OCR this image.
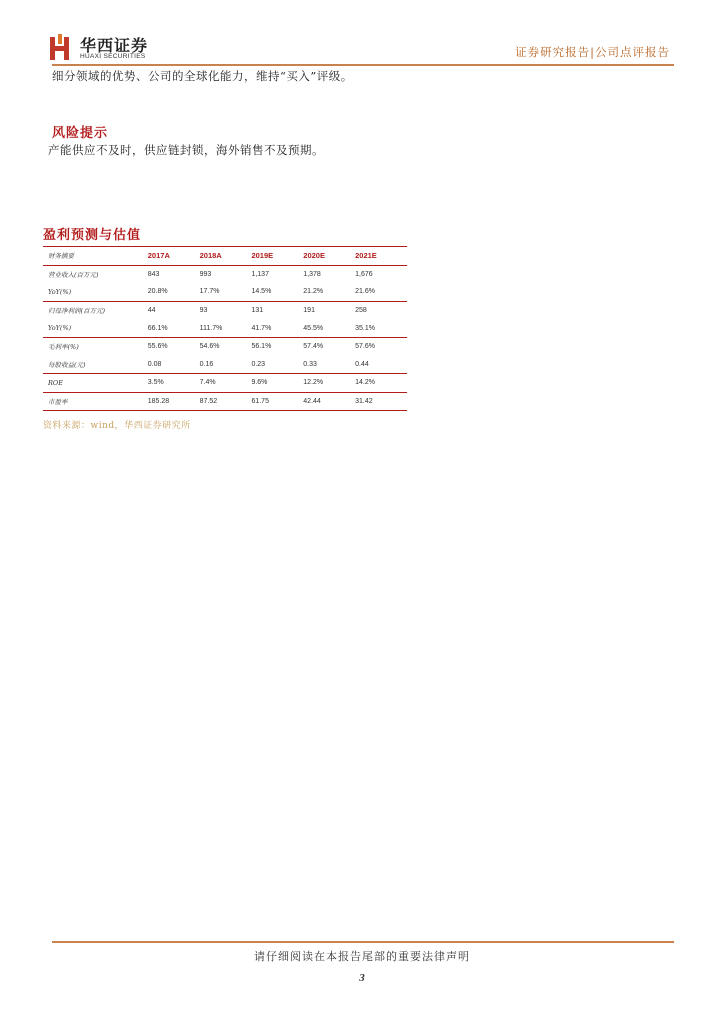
华西证券
HUAXI SECURITIES	证券研究报告|公司点评报告
细分领域的优势、公司的全球化能力，维持“买入”评级。
风险提示
产能供应不及时，供应链封锁，海外销售不及预期。
盈利预测与估值
财务摘要	2017A	2018A	2019E	2020E	2021E
营业收入(百万元)	843	993	1,137	1,378	1,676
YoY(%)	20.8%	17.7%	14.5%	21.2%	21.6%
归母净利润(百万元)	44	93	131	191	258
YoY(%)	66.1%	111.7%	41.7%	45.5%	35.1%
毛利率(%)	55.6%	54.6%	56.1%	57.4%	57.6%
每股收益(元)	0.08	0.16	0.23	0.33	0.44
ROE	3.5%	7.4%	9.6%	12.2%	14.2%
市盈率	185.28	87.52	61.75	42.44	31.42
资料来源：wind，华西证券研究所
请仔细阅读在本报告尾部的重要法律声明
3
